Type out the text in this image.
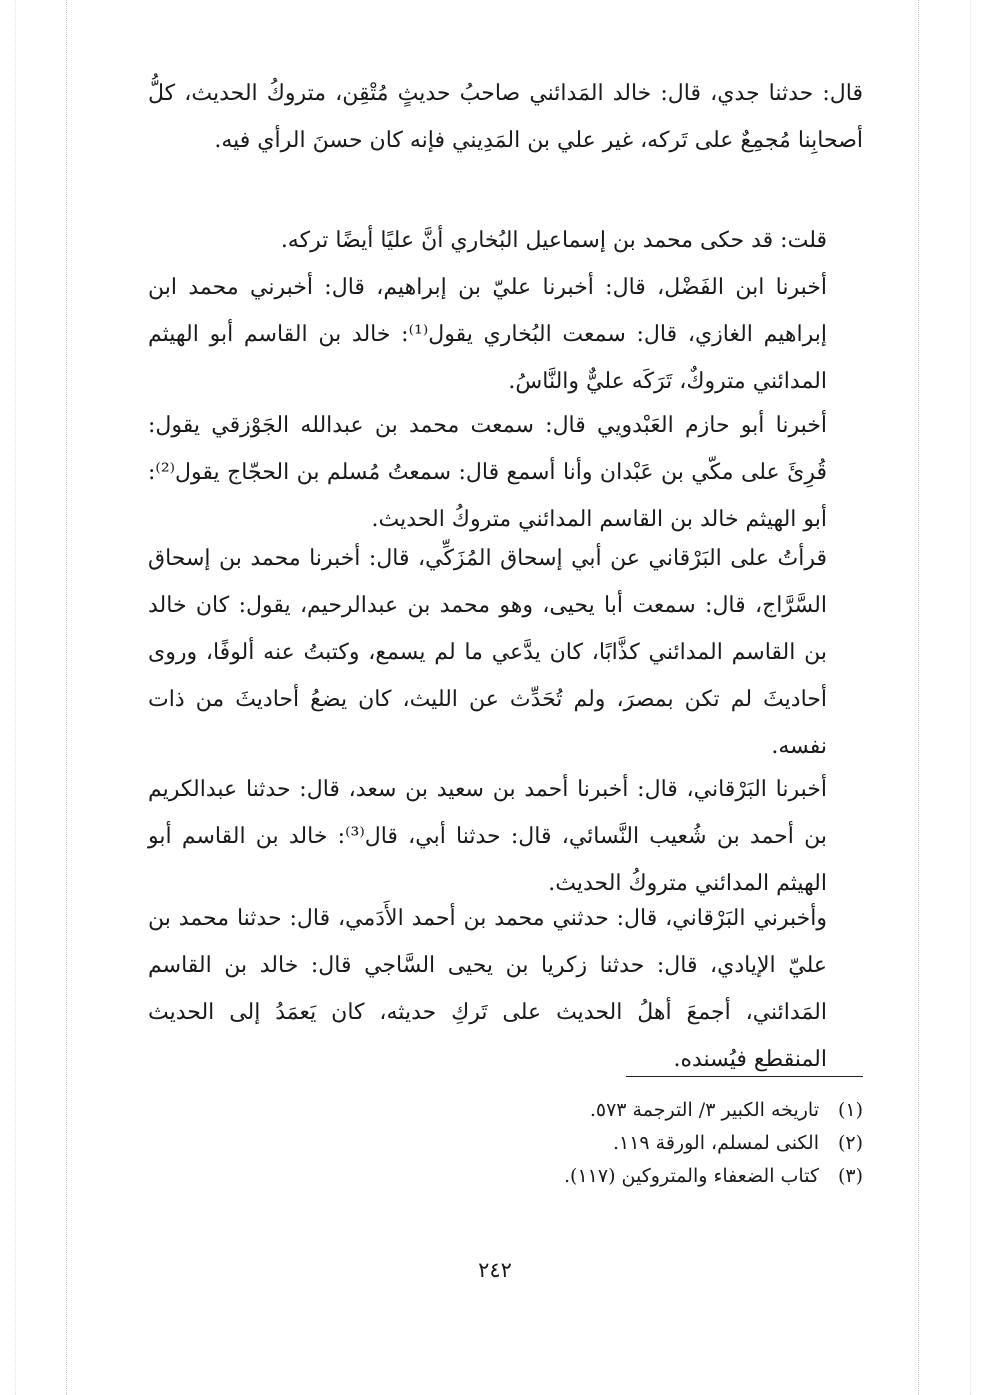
قال: حدثنا جدي، قال: خالد المَدائني صاحبُ حديثٍ مُتْقِن، متروكُ الحديث، كلُّ أصحابِنا مُجمِعٌ على تَركه، غير علي بن المَدِيني فإنه كان حسنَ الرأي فيه.

قلت: قد حكى محمد بن إسماعيل البُخاري أنَّ عليًا أيضًا تركه.

أخبرنا ابن الفَضْل، قال: أخبرنا عليّ بن إبراهيم، قال: أخبرني محمد ابن إبراهيم الغازي، قال: سمعت البُخاري يقول⁽¹⁾: خالد بن القاسم أبو الهيثم المدائني متروكٌ، تَرَكَه عليٌّ والنَّاسُ.

أخبرنا أبو حازم العَبْدويي قال: سمعت محمد بن عبدالله الجَوْزقي يقول: قُرِئَ على مكّي بن عَبْدان وأنا أسمع قال: سمعتُ مُسلم بن الحجّاج يقول⁽²⁾: أبو الهيثم خالد بن القاسم المدائني متروكُ الحديث.

قرأتُ على البَرْقاني عن أبي إسحاق المُزَكِّي، قال: أخبرنا محمد بن إسحاق السَّرَّاج، قال: سمعت أبا يحيى، وهو محمد بن عبدالرحيم، يقول: كان خالد بن القاسم المدائني كذَّابًا، كان يدَّعي ما لم يسمع، وكتبتُ عنه ألوفًا، وروى أحاديثَ لم تكن بمصرَ، ولم تُحَدِّث عن الليث، كان يضعُ أحاديثَ من ذات نفسه.

أخبرنا البَرْقاني، قال: أخبرنا أحمد بن سعيد بن سعد، قال: حدثنا عبدالكريم بن أحمد بن شُعيب النَّسائي، قال: حدثنا أبي، قال⁽³⁾: خالد بن القاسم أبو الهيثم المدائني متروكُ الحديث.

وأخبرني البَرْقاني، قال: حدثني محمد بن أحمد الأَدَمي، قال: حدثنا محمد بن عليّ الإيادي، قال: حدثنا زكريا بن يحيى السَّاجي قال: خالد بن القاسم المَدائني، أجمعَ أهلُ الحديث على تَركِ حديثه، كان يَعمَدُ إلى الحديث المنقطع فيُسنده.

(١)
تاريخه الكبير ٣/ الترجمة ٥٧٣.
(٢)
الكنى لمسلم، الورقة ١١٩.
(٣)
كتاب الضعفاء والمتروكين (١١٧).
٢٤٢
